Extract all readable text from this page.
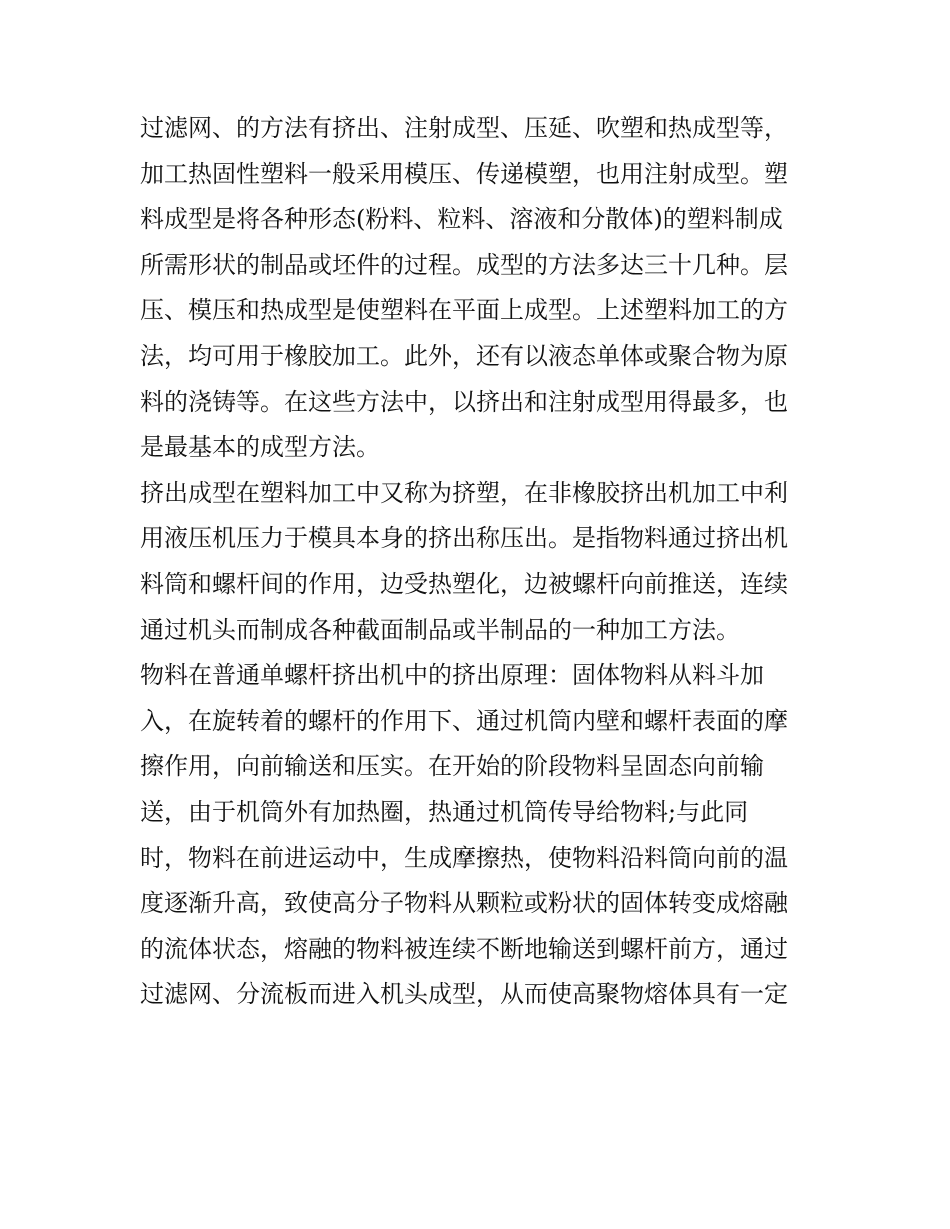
过滤网、的方法有挤出、注射成型、压延、吹塑和热成型等，
加工热固性塑料一般采用模压、传递模塑，也用注射成型。塑
料成型是将各种形态(粉料、粒料、溶液和分散体)的塑料制成
所需形状的制品或坯件的过程。成型的方法多达三十几种。层
压、模压和热成型是使塑料在平面上成型。上述塑料加工的方
法，均可用于橡胶加工。此外，还有以液态单体或聚合物为原
料的浇铸等。在这些方法中，以挤出和注射成型用得最多，也
是最基本的成型方法。
挤出成型在塑料加工中又称为挤塑，在非橡胶挤出机加工中利
用液压机压力于模具本身的挤出称压出。是指物料通过挤出机
料筒和螺杆间的作用，边受热塑化，边被螺杆向前推送，连续
通过机头而制成各种截面制品或半制品的一种加工方法。
物料在普通单螺杆挤出机中的挤出原理：固体物料从料斗加
入，在旋转着的螺杆的作用下、通过机筒内壁和螺杆表面的摩
擦作用，向前输送和压实。在开始的阶段物料呈固态向前输
送，由于机筒外有加热圈，热通过机筒传导给物料;与此同
时，物料在前进运动中，生成摩擦热，使物料沿料筒向前的温
度逐渐升高，致使高分子物料从颗粒或粉状的固体转变成熔融
的流体状态，熔融的物料被连续不断地输送到螺杆前方，通过
过滤网、分流板而进入机头成型，从而使高聚物熔体具有一定
